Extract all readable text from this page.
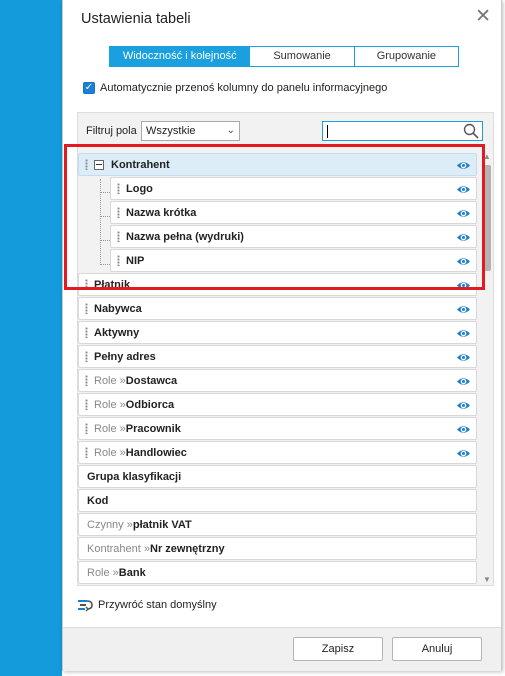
Ustawienia tabeli	✕
Widoczność i kolejność	Sumowanie	Grupowanie
✓ Automatycznie przenoś kolumny do panelu informacyjnego
Filtruj pola Wszystkie	⌄
Kontrahent
Logo
Nazwa krótka
Nazwa pełna (wydruki)
NIP
Płatnik
Nabywca
Aktywny
Pełny adres
Role » Dostawca
Role » Odbiorca
Role » Pracownik
Role » Handlowiec
Grupa klasyfikacji
Kod
Czynny » płatnik VAT
Kontrahent » Nr zewnętrzny
Role » Bank
▲
▼
Przywróć stan domyślny
Zapisz	Anuluj
